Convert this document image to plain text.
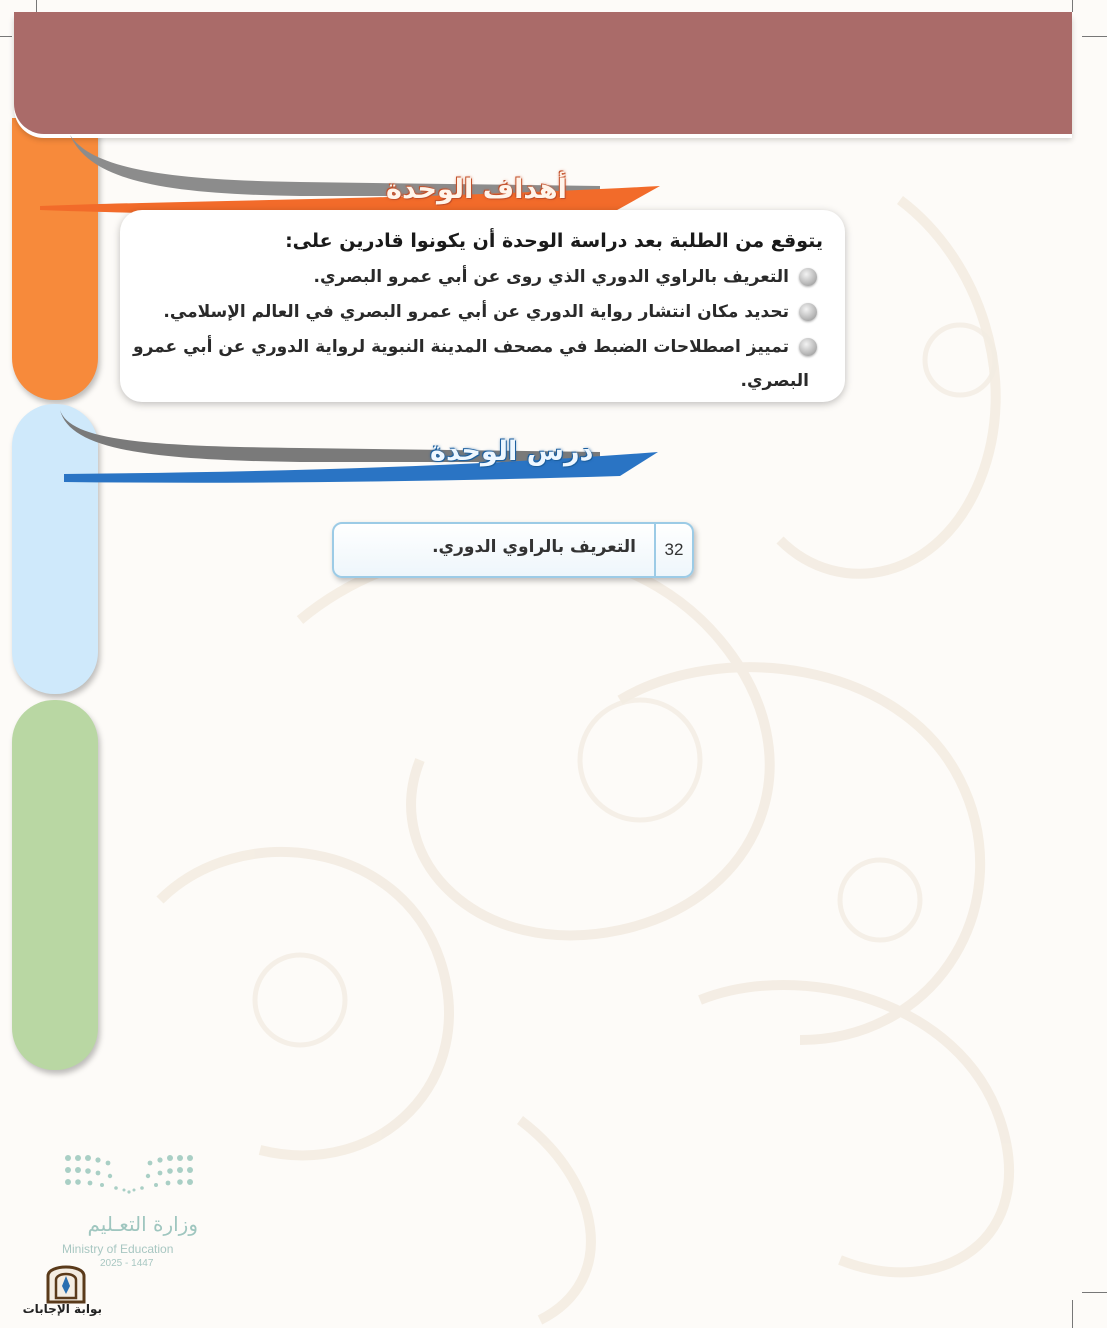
أهداف الوحدة
يتوقع من الطلبة بعد دراسة الوحدة أن يكونوا قادرين على:
التعريف بالراوي الدوري الذي روى عن أبي عمرو البصري.
تحديد مكان انتشار رواية الدوري عن أبي عمرو البصري في العالم الإسلامي.
تمييز اصطلاحات الضبط في مصحف المدينة النبوية لرواية الدوري عن أبي عمرو
البصري.
درس الوحدة
32
التعريف بالراوي الدوري.
وزارة التعـليم
Ministry of Education
2025 - 1447
بوابة الإجابات
